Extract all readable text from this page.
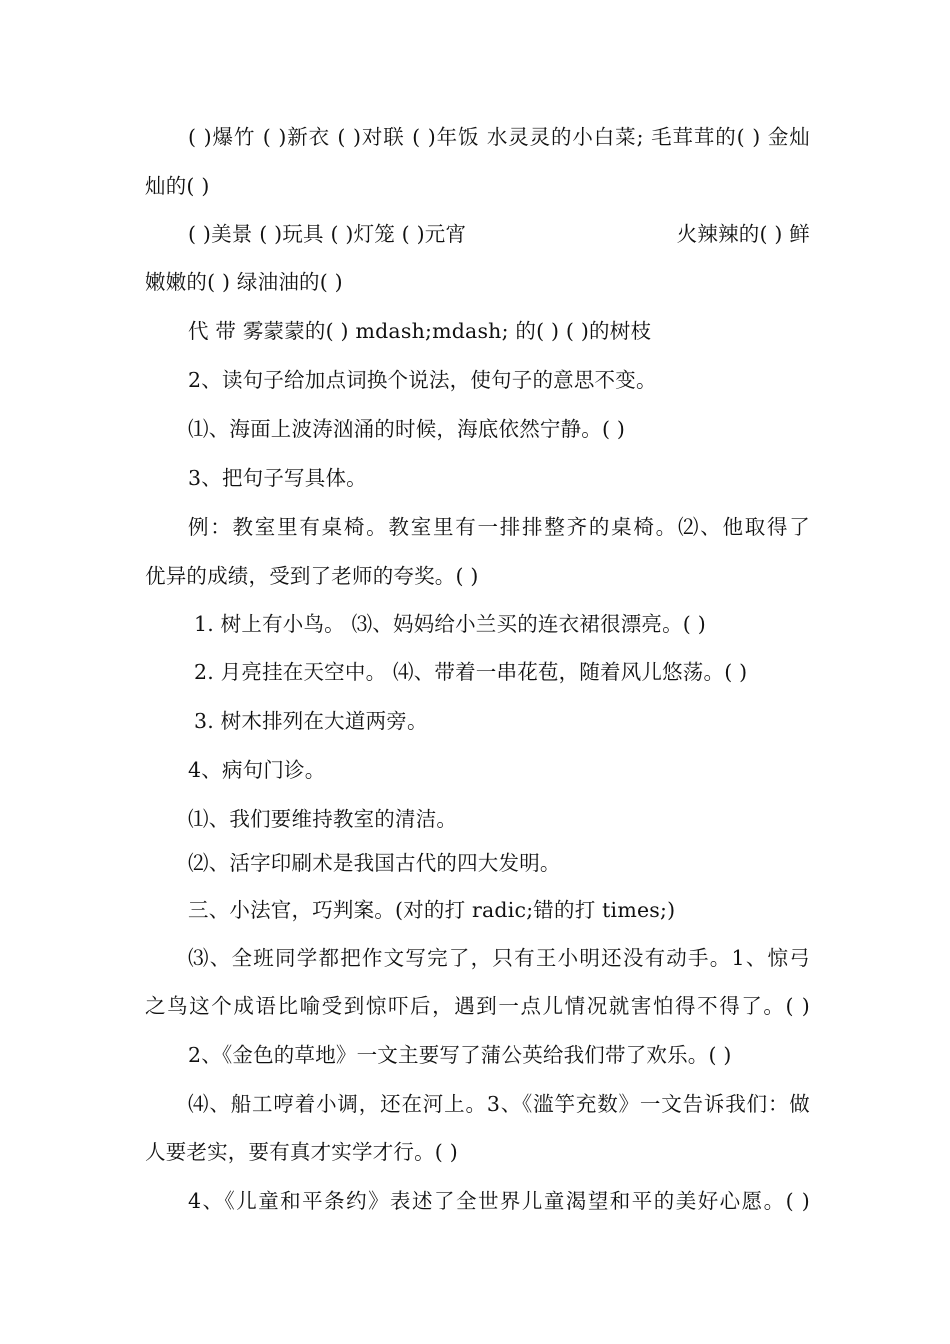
( )爆竹 ( )新衣 ( )对联 ( )年饭 水灵灵的小白菜; 毛茸茸的( ) 金灿
灿的( )
( )美景 ( )玩具 ( )灯笼 ( )元宵	火辣辣的( ) 鲜
嫩嫩的( ) 绿油油的( )
代 带 雾蒙蒙的( ) mdash;mdash; 的( ) ( )的树枝
2、读句子给加点词换个说法，使句子的意思不变。
⑴、海面上波涛汹涌的时候，海底依然宁静。( )
3、把句子写具体。
例：教室里有桌椅。教室里有一排排整齐的桌椅。⑵、他取得了
优异的成绩，受到了老师的夸奖。( )
1. 树上有小鸟。 ⑶、妈妈给小兰买的连衣裙很漂亮。( )
2. 月亮挂在天空中。 ⑷、带着一串花苞，随着风儿悠荡。( )
3. 树木排列在大道两旁。
4、病句门诊。
⑴、我们要维持教室的清洁。
⑵、活字印刷术是我国古代的四大发明。
三、小法官，巧判案。(对的打 radic;错的打 times;)
⑶、全班同学都把作文写完了，只有王小明还没有动手。1、惊弓
之鸟这个成语比喻受到惊吓后，遇到一点儿情况就害怕得不得了。( )
2、《金色的草地》一文主要写了蒲公英给我们带了欢乐。( )
⑷、船工哼着小调，还在河上。3、《滥竽充数》一文告诉我们：做
人要老实，要有真才实学才行。( )
4、《儿童和平条约》表述了全世界儿童渴望和平的美好心愿。( )
